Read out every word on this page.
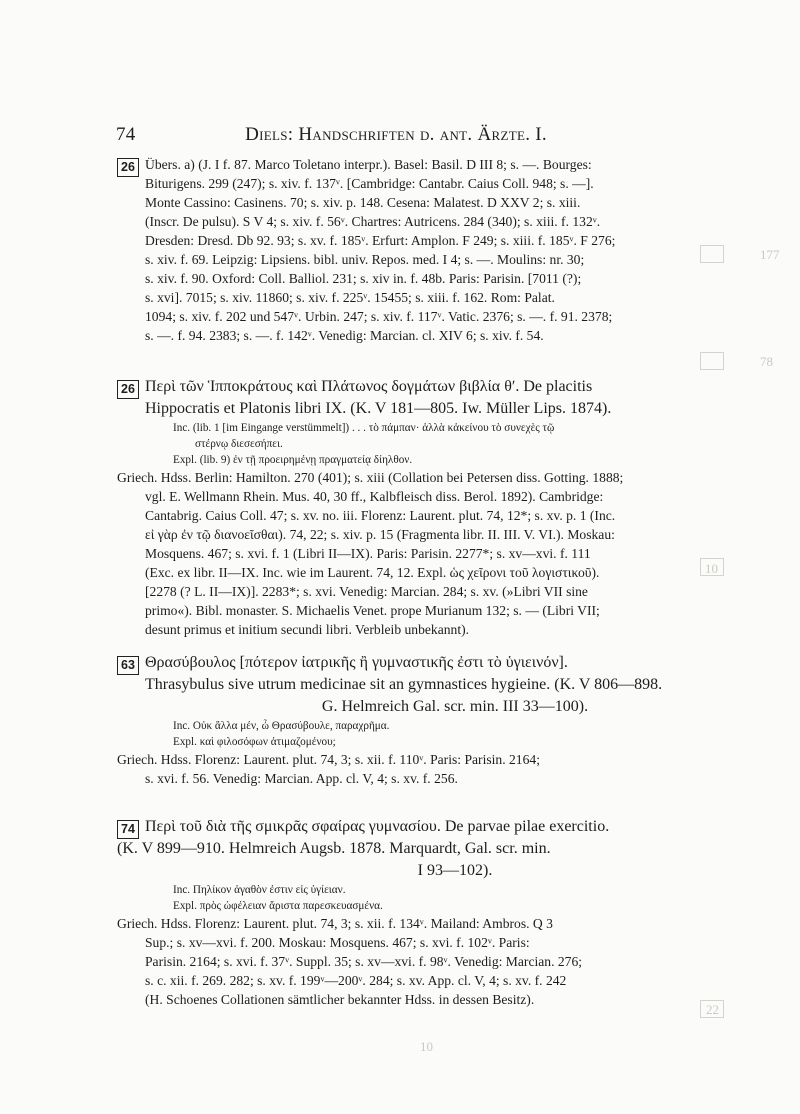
177
78
10
22
10
74	Diels: Handschriften d. ant. Ärzte. I.
26 Übers. a) (J. I f. 87. Marco Toletano interpr.). Basel: Basil. D III 8; s. —. Bourges:

Biturigens. 299 (247); s. xiv. f. 137ᵛ. [Cambridge: Cantabr. Caius Coll. 948; s. —].

Monte Cassino: Casinens. 70; s. xiv. p. 148. Cesena: Malatest. D XXV 2; s. xiii.

(Inscr. De pulsu). S V 4; s. xiv. f. 56ᵛ. Chartres: Autricens. 284 (340); s. xiii. f. 132ᵛ.

Dresden: Dresd. Db 92. 93; s. xv. f. 185ᵛ. Erfurt: Amplon. F 249; s. xiii. f. 185ᵛ. F 276;

s. xiv. f. 69. Leipzig: Lipsiens. bibl. univ. Repos. med. I 4; s. —. Moulins: nr. 30;

s. xiv. f. 90. Oxford: Coll. Balliol. 231; s. xiv in. f. 48b. Paris: Parisin. [7011 (?);

s. xvi]. 7015; s. xiv. 11860; s. xiv. f. 225ᵛ. 15455; s. xiii. f. 162. Rom: Palat.

1094; s. xiv. f. 202 und 547ᵛ. Urbin. 247; s. xiv. f. 117ᵛ. Vatic. 2376; s. —. f. 91. 2378;

s. —. f. 94. 2383; s. —. f. 142ᵛ. Venedig: Marcian. cl. XIV 6; s. xiv. f. 54.

26 Περὶ τῶν Ἱπποκράτους καὶ Πλάτωνος δογμάτων βιβλία θʹ. De placitis

Hippocratis et Platonis libri IX. (K. V 181—805. Iw. Müller Lips. 1874).

Inc. (lib. 1 [im Eingange verstümmelt]) . . . τὸ πάμπαν· ἀλλὰ κἀκείνου τὸ συνεχὲς τῷ

στέρνῳ διεσεσήπει.

Expl. (lib. 9) ἐν τῇ προειρημένῃ πραγματείᾳ δίηλθον.

Griech. Hdss. Berlin: Hamilton. 270 (401); s. xiii (Collation bei Petersen diss. Gotting. 1888;

vgl. E. Wellmann Rhein. Mus. 40, 30 ff., Kalbfleisch diss. Berol. 1892). Cambridge:

Cantabrig. Caius Coll. 47; s. xv. no. iii. Florenz: Laurent. plut. 74, 12*; s. xv. p. 1 (Inc.

εἰ γὰρ ἐν τῷ διανοεῖσθαι). 74, 22; s. xiv. p. 15 (Fragmenta libr. II. III. V. VI.). Moskau:

Mosquens. 467; s. xvi. f. 1 (Libri II—IX). Paris: Parisin. 2277*; s. xv—xvi. f. 111

(Exc. ex libr. II—IX. Inc. wie im Laurent. 74, 12. Expl. ὡς χεῖρονι τοῦ λογιστικοῦ).

[2278 (? L. II—IX)]. 2283*; s. xvi. Venedig: Marcian. 284; s. xv. (»Libri VII sine

primo«). Bibl. monaster. S. Michaelis Venet. prope Murianum 132; s. — (Libri VII;

desunt primus et initium secundi libri. Verbleib unbekannt).

63 Θρασύβουλος [πότερον ἰατρικῆς ἢ γυμναστικῆς ἐστι τὸ ὑγιεινόν].

Thrasybulus sive utrum medicinae sit an gymnastices hygieine. (K. V 806—898.

G. Helmreich Gal. scr. min. III 33—100).

Inc. Οὐκ ἄλλα μέν, ὦ Θρασύβουλε, παραχρῆμα.

Expl. καὶ φιλοσόφων ἀτιμαζομένου;

Griech. Hdss. Florenz: Laurent. plut. 74, 3; s. xii. f. 110ᵛ. Paris: Parisin. 2164;

s. xvi. f. 56. Venedig: Marcian. App. cl. V, 4; s. xv. f. 256.

74 Περὶ τοῦ διὰ τῆς σμικρᾶς σφαίρας γυμνασίου. De parvae pilae exercitio.

(K. V 899—910. Helmreich Augsb. 1878. Marquardt, Gal. scr. min.

I 93—102).

Inc. Πηλίκον ἀγαθὸν ἐστιν εἰς ὑγίειαν.

Expl. πρὸς ὠφέλειαν ἄριστα παρεσκευασμένα.

Griech. Hdss. Florenz: Laurent. plut. 74, 3; s. xii. f. 134ᵛ. Mailand: Ambros. Q 3

Sup.; s. xv—xvi. f. 200. Moskau: Mosquens. 467; s. xvi. f. 102ᵛ. Paris:

Parisin. 2164; s. xvi. f. 37ᵛ. Suppl. 35; s. xv—xvi. f. 98ᵛ. Venedig: Marcian. 276;

s. c. xii. f. 269. 282; s. xv. f. 199ᵛ—200ᵛ. 284; s. xv. App. cl. V, 4; s. xv. f. 242

(H. Schoenes Collationen sämtlicher bekannter Hdss. in dessen Besitz).
